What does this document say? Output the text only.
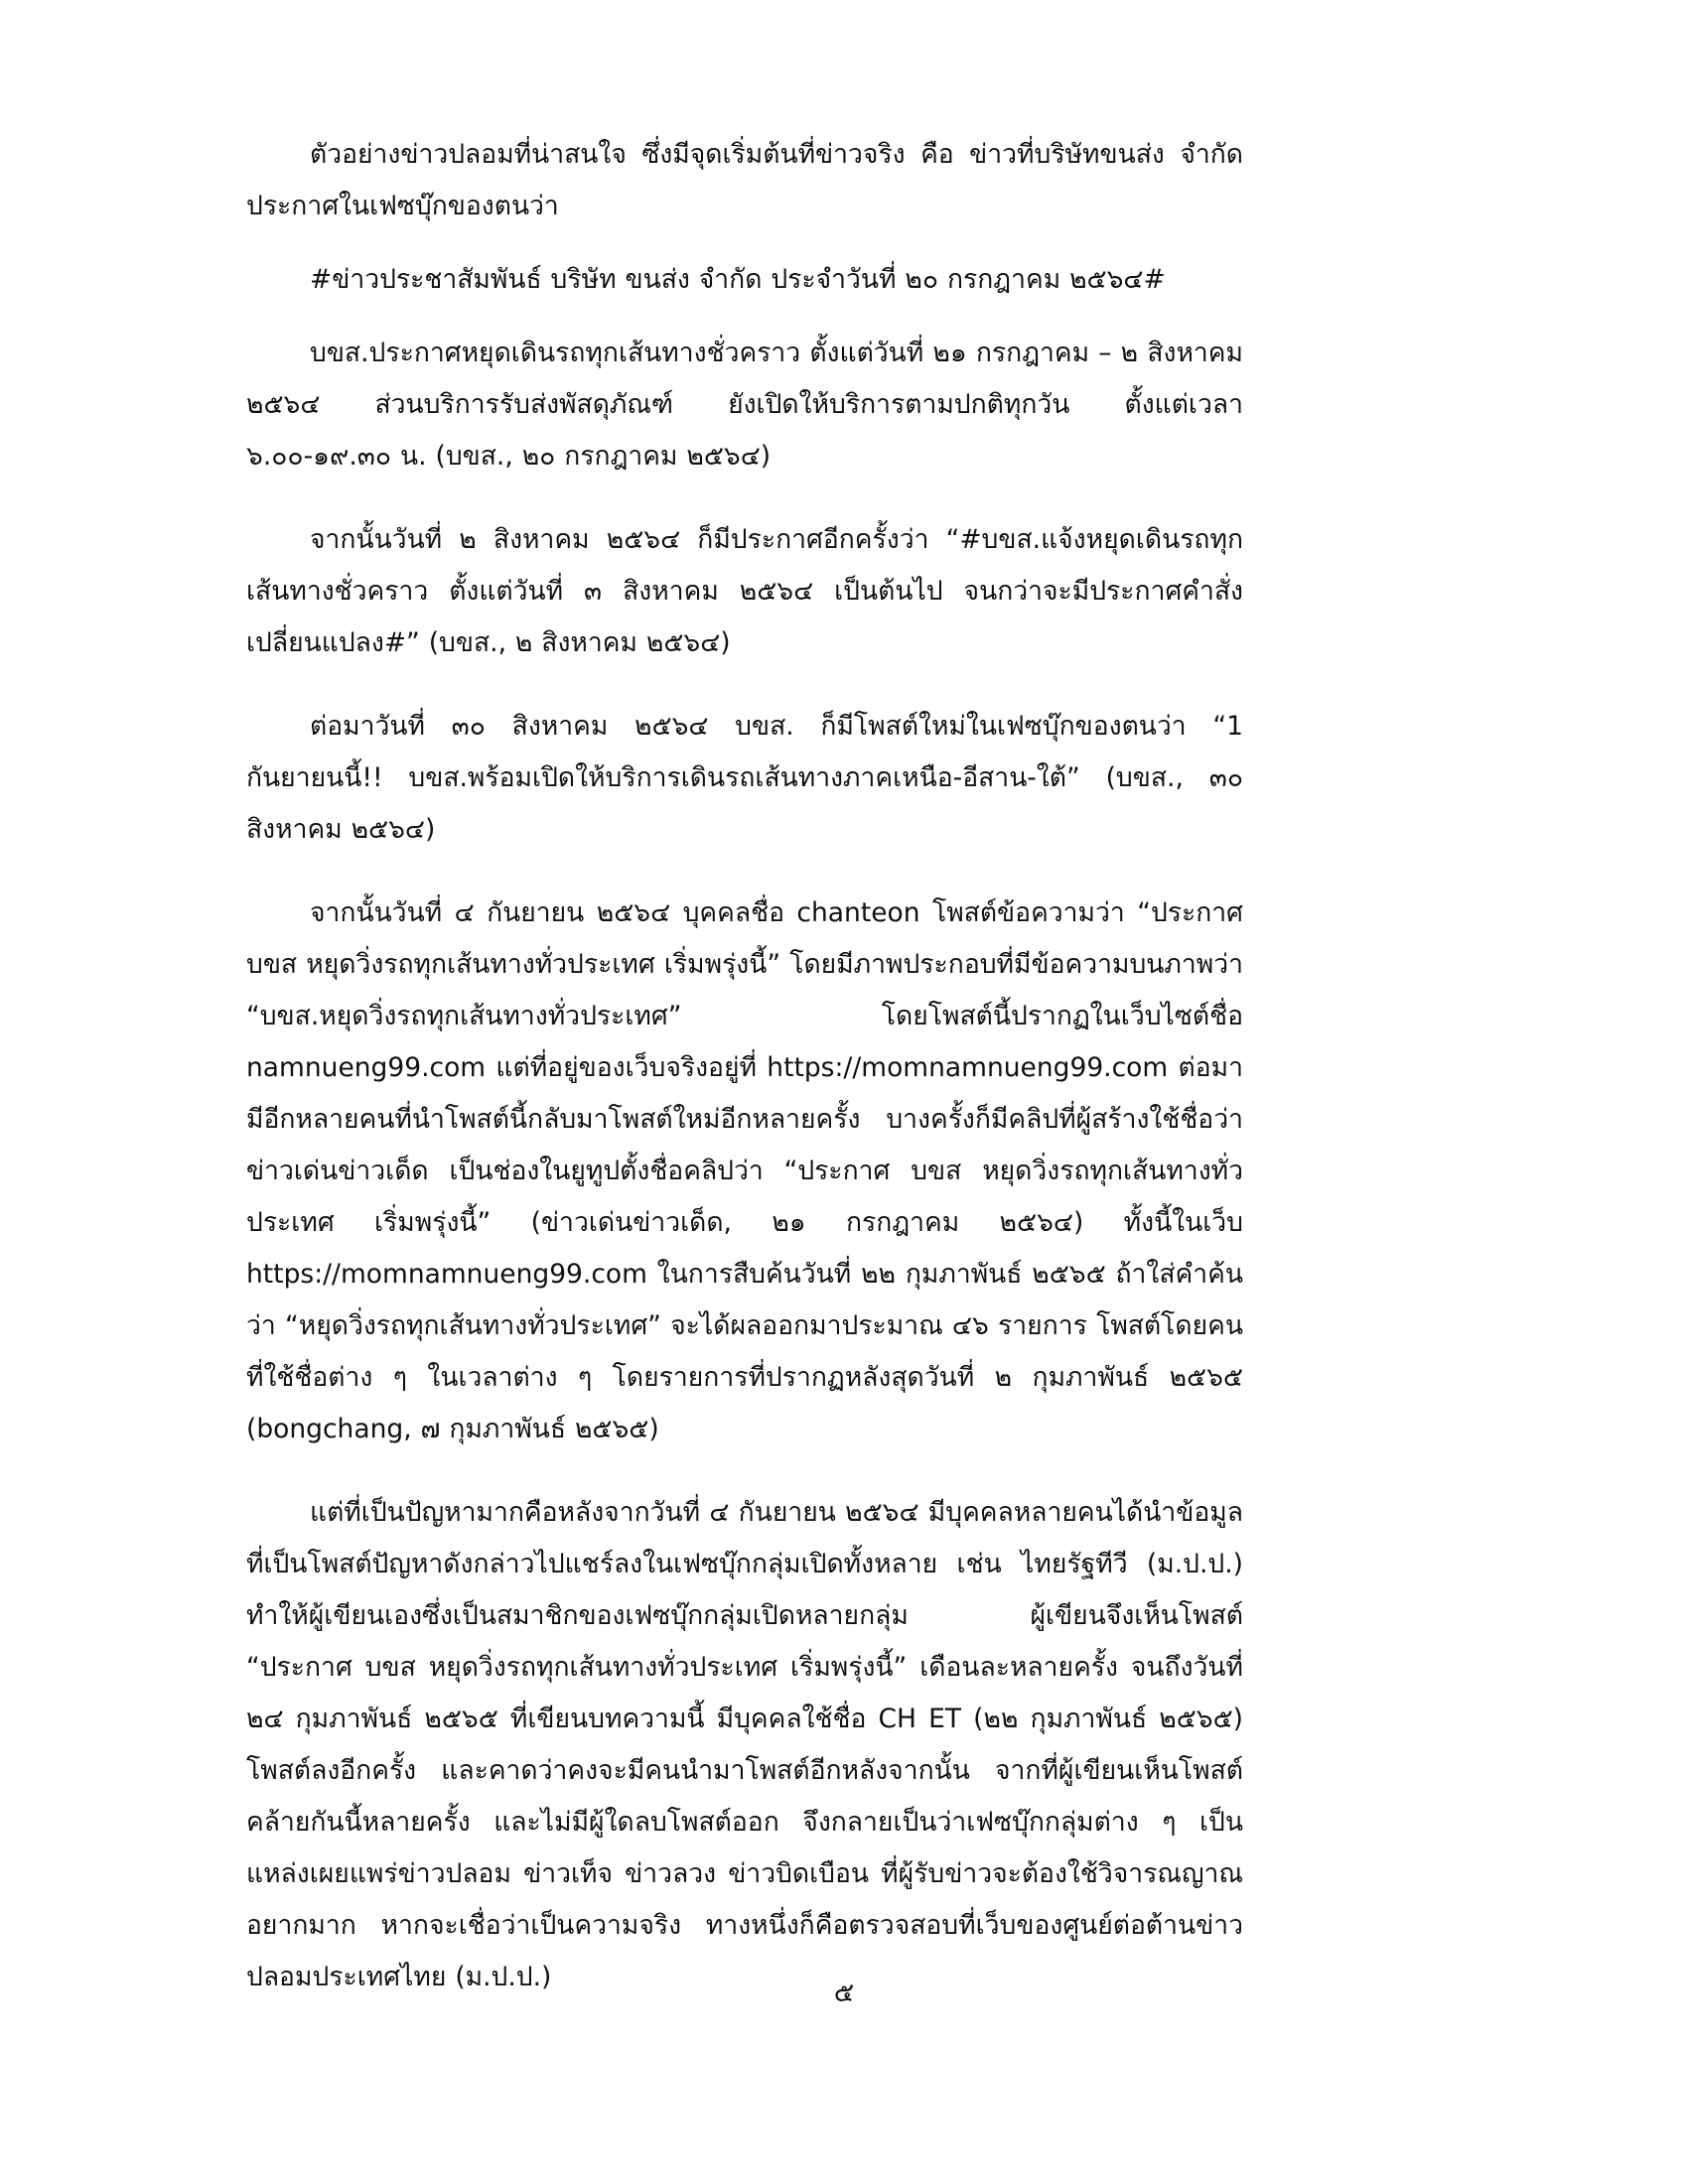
ตัวอย่างข่าวปลอมที่น่าสนใจ ซึ่งมีจุดเริ่มต้นที่ข่าวจริง คือ ข่าวที่บริษัทขนส่ง จำกัด ประกาศในเฟซบุ๊กของตนว่า

#ข่าวประชาสัมพันธ์ บริษัท ขนส่ง จำกัด ประจำวันที่ ๒๐ กรกฎาคม ๒๕๖๔#

บขส.ประกาศหยุดเดินรถทุกเส้นทางชั่วคราว ตั้งแต่วันที่ ๒๑ กรกฎาคม – ๒ สิงหาคม ๒๕๖๔ ส่วนบริการรับส่งพัสดุภัณฑ์ ยังเปิดให้บริการตามปกติทุกวัน ตั้งแต่เวลา ๖.๐๐-๑๙.๓๐ น. (บขส., ๒๐ กรกฎาคม ๒๕๖๔)

จากนั้นวันที่ ๒ สิงหาคม ๒๕๖๔ ก็มีประกาศอีกครั้งว่า “#บขส.แจ้งหยุดเดินรถทุกเส้นทางชั่วคราว ตั้งแต่วันที่ ๓ สิงหาคม ๒๕๖๔ เป็นต้นไป จนกว่าจะมีประกาศคำสั่งเปลี่ยนแปลง#” (บขส., ๒ สิงหาคม ๒๕๖๔)

ต่อมาวันที่ ๓๐ สิงหาคม ๒๕๖๔ บขส. ก็มีโพสต์ใหม่ในเฟซบุ๊กของตนว่า “1 กันยายนนี้!! บขส.พร้อมเปิดให้บริการเดินรถเส้นทางภาคเหนือ-อีสาน-ใต้” (บขส., ๓๐ สิงหาคม ๒๕๖๔)

จากนั้นวันที่ ๔ กันยายน ๒๕๖๔ บุคคลชื่อ chanteon โพสต์ข้อความว่า “ประกาศ บขส หยุดวิ่งรถทุกเส้นทางทั่วประเทศ เริ่มพรุ่งนี้” โดยมีภาพประกอบที่มีข้อความบนภาพว่า “บขส.หยุดวิ่งรถทุกเส้นทางทั่วประเทศ” โดยโพสต์นี้ปรากฏในเว็บไซต์ชื่อ namnueng99.com แต่ที่อยู่ของเว็บจริงอยู่ที่ https://momnamnueng99.com ต่อมามีอีกหลายคนที่นำโพสต์นี้กลับมาโพสต์ใหม่อีกหลายครั้ง บางครั้งก็มีคลิปที่ผู้สร้างใช้ชื่อว่า ข่าวเด่นข่าวเด็ด เป็นช่องในยูทูปตั้งชื่อคลิปว่า “ประกาศ บขส หยุดวิ่งรถทุกเส้นทางทั่วประเทศ เริ่มพรุ่งนี้” (ข่าวเด่นข่าวเด็ด, ๒๑ กรกฎาคม ๒๕๖๔) ทั้งนี้ในเว็บ https://momnamnueng99.com ในการสืบค้นวันที่ ๒๒ กุมภาพันธ์ ๒๕๖๕ ถ้าใส่คำค้นว่า “หยุดวิ่งรถทุกเส้นทางทั่วประเทศ” จะได้ผลออกมาประมาณ ๔๖ รายการ โพสต์โดยคนที่ใช้ชื่อต่าง ๆ ในเวลาต่าง ๆ โดยรายการที่ปรากฏหลังสุดวันที่ ๒ กุมภาพันธ์ ๒๕๖๕ (bongchang, ๗ กุมภาพันธ์ ๒๕๖๕)

แต่ที่เป็นปัญหามากคือหลังจากวันที่ ๔ กันยายน ๒๕๖๔ มีบุคคลหลายคนได้นำข้อมูลที่เป็นโพสต์ปัญหาดังกล่าวไปแชร์ลงในเฟซบุ๊กกลุ่มเปิดทั้งหลาย เช่น ไทยรัฐทีวี (ม.ป.ป.) ทำให้ผู้เขียนเองซึ่งเป็นสมาชิกของเฟซบุ๊กกลุ่มเปิดหลายกลุ่ม ผู้เขียนจึงเห็นโพสต์ “ประกาศ บขส หยุดวิ่งรถทุกเส้นทางทั่วประเทศ เริ่มพรุ่งนี้” เดือนละหลายครั้ง จนถึงวันที่ ๒๔ กุมภาพันธ์ ๒๕๖๕ ที่เขียนบทความนี้ มีบุคคลใช้ชื่อ CH ET (๒๒ กุมภาพันธ์ ๒๕๖๕) โพสต์ลงอีกครั้ง และคาดว่าคงจะมีคนนำมาโพสต์อีกหลังจากนั้น จากที่ผู้เขียนเห็นโพสต์คล้ายกันนี้หลายครั้ง และไม่มีผู้ใดลบโพสต์ออก จึงกลายเป็นว่าเฟซบุ๊กกลุ่มต่าง ๆ เป็นแหล่งเผยแพร่ข่าวปลอม ข่าวเท็จ ข่าวลวง ข่าวบิดเบือน ที่ผู้รับข่าวจะต้องใช้วิจารณญาณอยากมาก หากจะเชื่อว่าเป็นความจริง ทางหนึ่งก็คือตรวจสอบที่เว็บของศูนย์ต่อต้านข่าวปลอมประเทศไทย (ม.ป.ป.)

๕
